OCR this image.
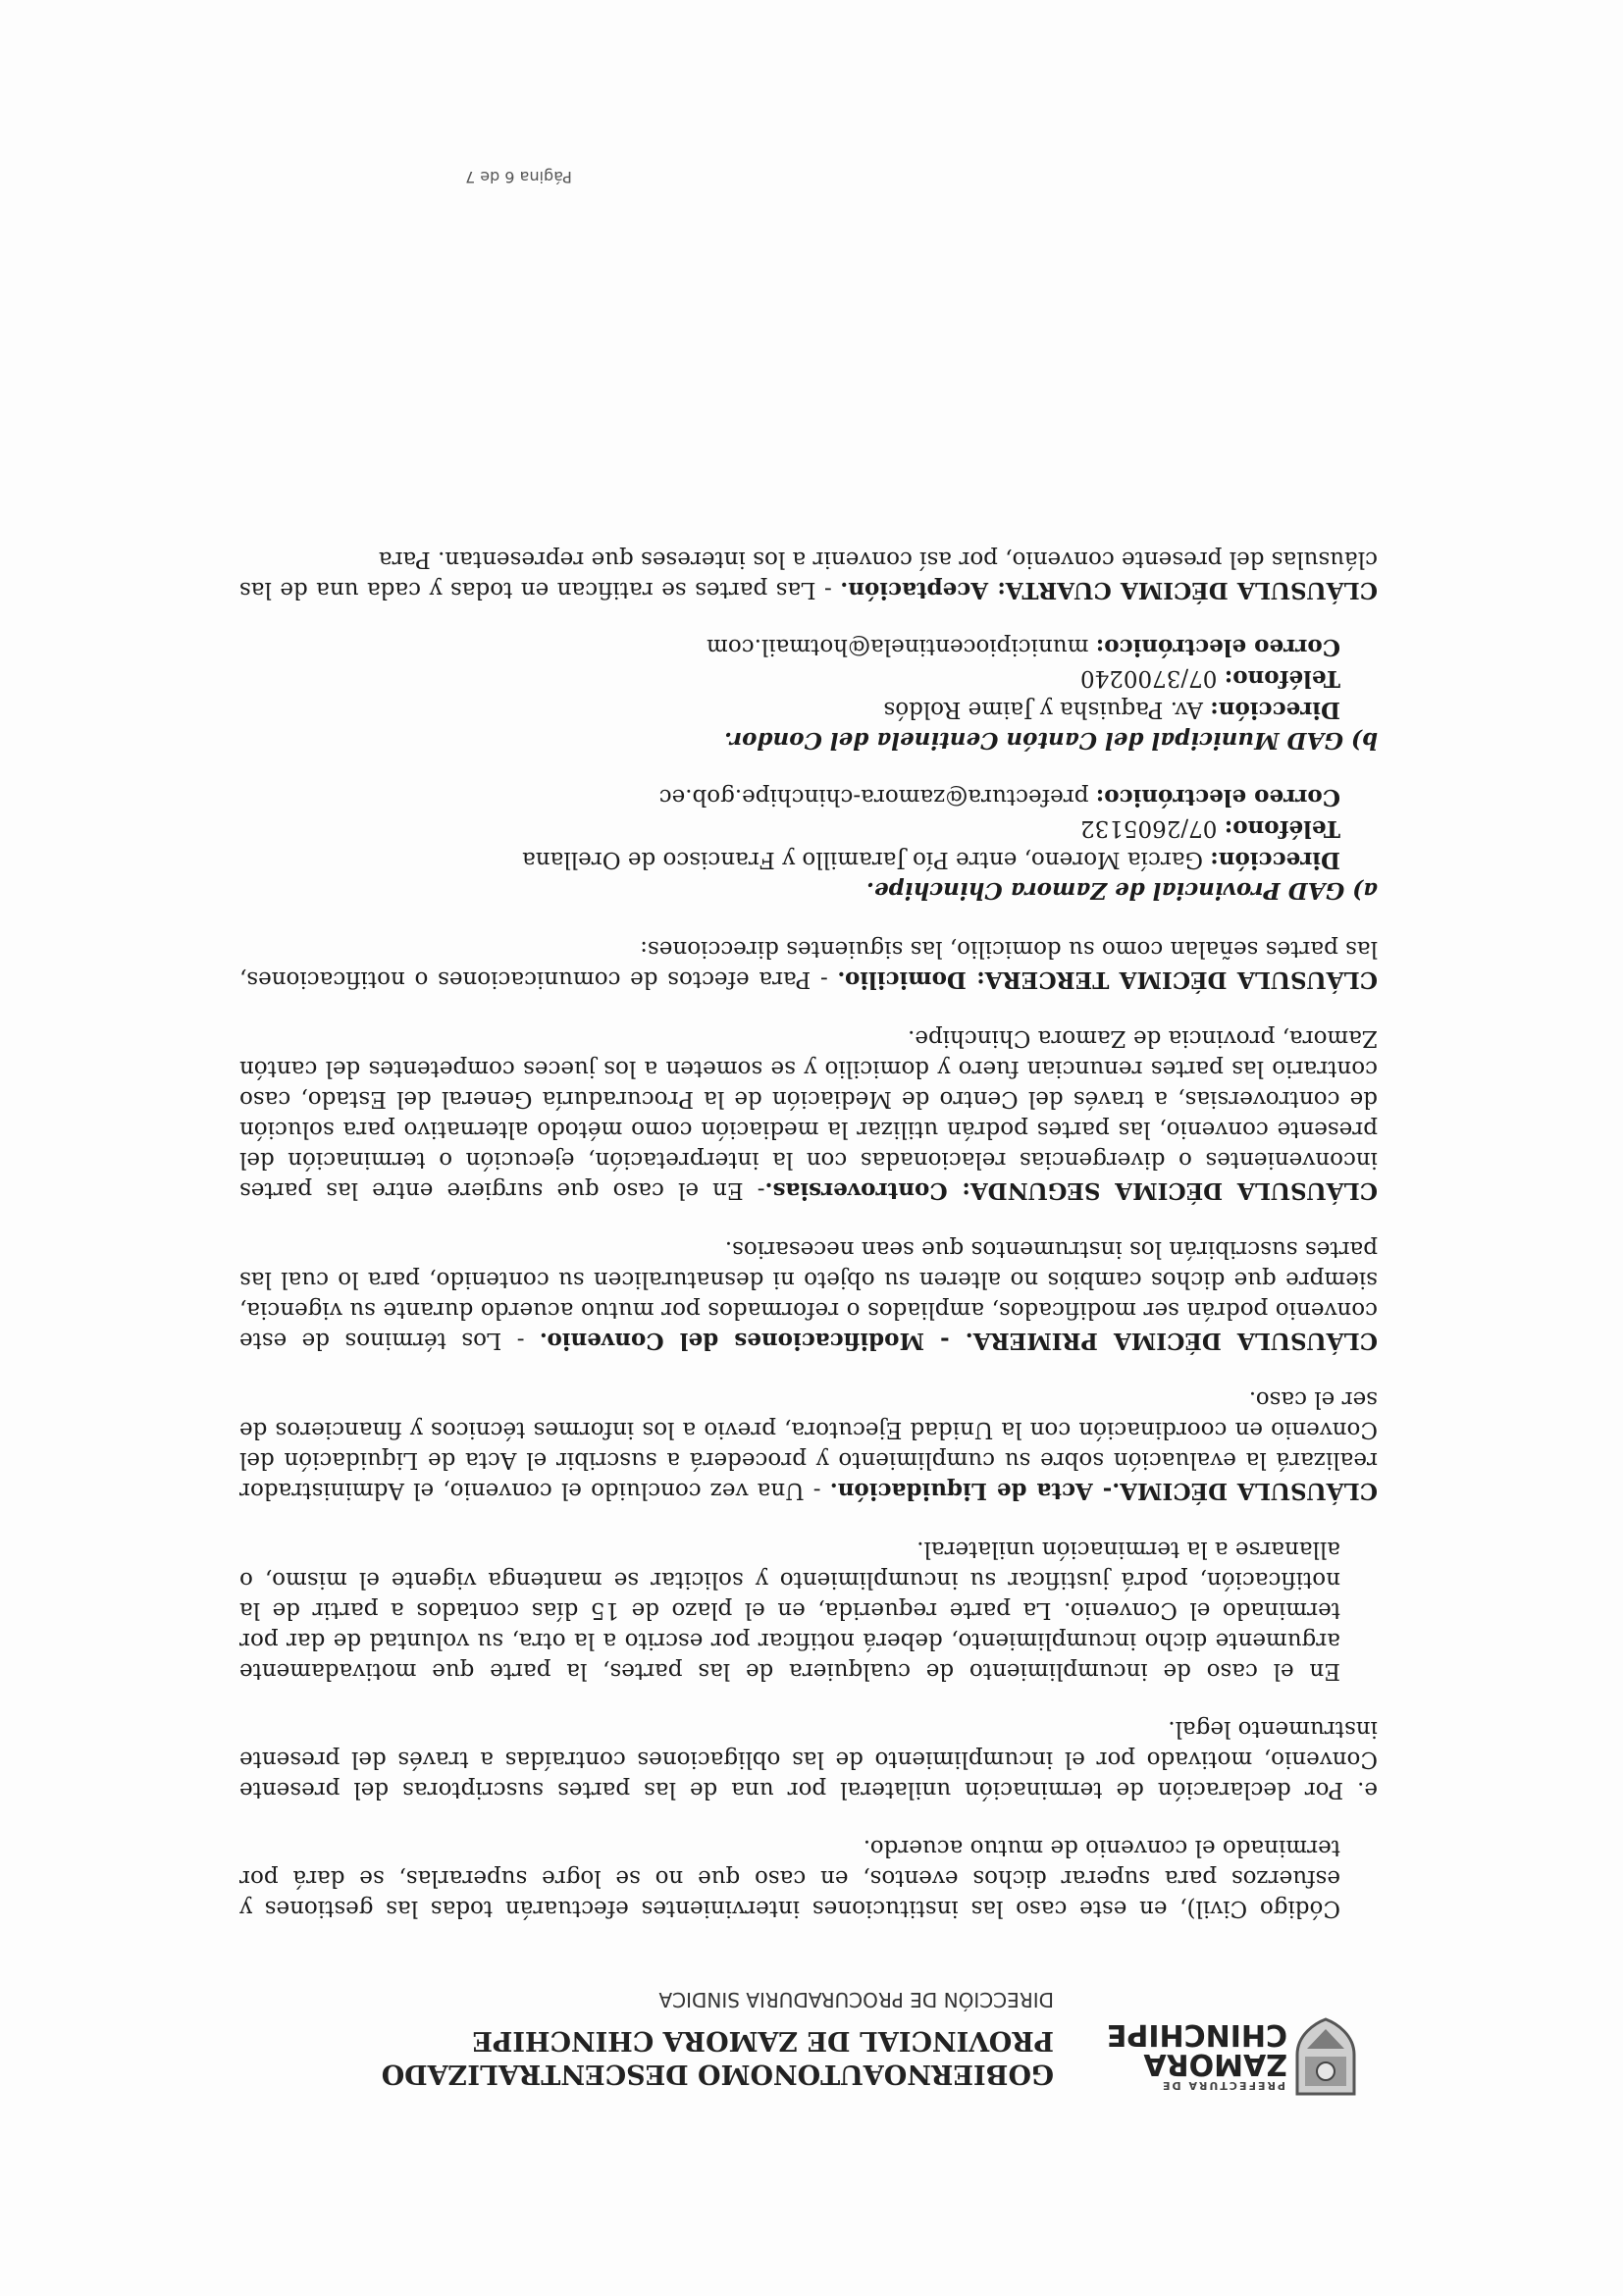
PREFECTURA DE
ZAMORA
CHINCHIPE
GOBIERNOAUTONOMO DESCENTRALIZADO
PROVINCIAL DE ZAMORA CHINCHIPE
DIRECCIÓN DE PROCURADURIA SINDICA

Código Civil), en este caso las instituciones intervinientes efectuarán todas las gestiones y esfuerzos para superar dichos eventos, en caso que no se logre superarlas, se dará por terminado el convenio de mutuo acuerdo.

e. Por declaración de terminación unilateral por una de las partes suscriptoras del presente Convenio, motivado por el incumplimiento de las obligaciones contraídas a través del presente instrumento legal.

En el caso de incumplimiento de cualquiera de las partes, la parte que motivadamente argumente dicho incumplimiento, deberá notificar por escrito a la otra, su voluntad de dar por terminado el Convenio. La parte requerida, en el plazo de 15 días contados a partir de la notificación, podrá justificar su incumplimiento y solicitar se mantenga vigente el mismo, o allanarse a la terminación unilateral.

CLÁUSULA DÉCIMA.- Acta de Liquidación. - Una vez concluido el convenio, el Administrador realizará la evaluación sobre su cumplimiento y procederá a suscribir el Acta de Liquidación del Convenio en coordinación con la Unidad Ejecutora, previo a los informes técnicos y financieros de ser el caso.

CLÁUSULA DÉCIMA PRIMERA. - Modificaciones del Convenio. - Los términos de este convenio podrán ser modificados, ampliados o reformados por mutuo acuerdo durante su vigencia, siempre que dichos cambios no alteren su objeto ni desnaturalicen su contenido, para lo cual las partes suscribirán los instrumentos que sean necesarios.

CLÁUSULA DÉCIMA SEGUNDA: Controversias.- En el caso que surgiere entre las partes inconvenientes o divergencias relacionadas con la interpretación, ejecución o terminación del presente convenio, las partes podrán utilizar la mediación como método alternativo para solución de controversias, a través del Centro de Mediación de la Procuraduría General del Estado, caso contrario las partes renuncian fuero y domicilio y se someten a los jueces competentes del cantón Zamora, provincia de Zamora Chinchipe.

CLÁUSULA DÉCIMA TERCERA: Domicilio. - Para efectos de comunicaciones o notificaciones, las partes señalan como su domicilio, las siguientes direcciones:

a) GAD Provincial de Zamora Chinchipe.
Dirección: García Moreno, entre Pío Jaramillo y Francisco de Orellana
Teléfono: 07/2605132
Correo electrónico: prefectura@zamora-chinchipe.gob.ec
b) GAD Municipal del Cantón Centinela del Condor.
Dirección: Av. Paquisha y Jaime Roldós
Teléfono: 07/3700240
Correo electrónico: municipiocentinela@hotmail.com

CLÁUSULA DÉCIMA CUARTA: Aceptación. - Las partes se ratifican en todas y cada una de las cláusulas del presente convenio, por así convenir a los intereses que representan. Para

Página 6 de 7
